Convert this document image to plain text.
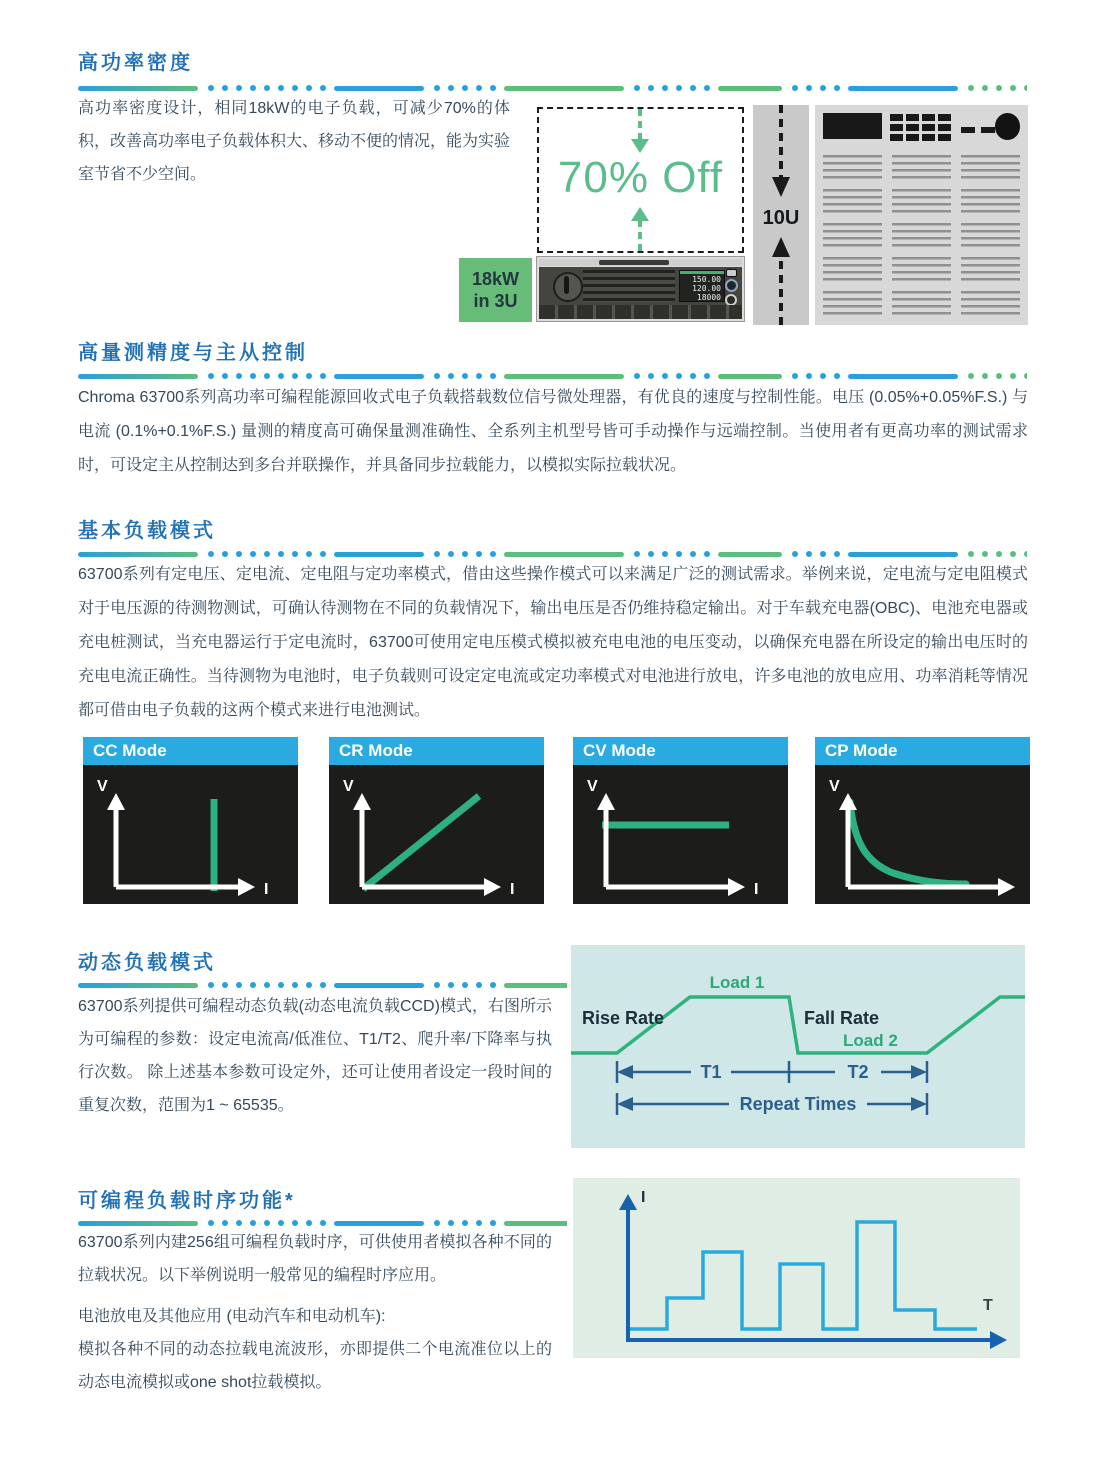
高功率密度

高功率密度设计，相同18kW的电子负载，可减少70%的体积，改善高功率电子负载体积大、移动不便的情况，能为实验室节省不少空间。	70% Off
18kW
in 3U
150.00
120.00
18000
10U
高量测精度与主从控制

Chroma 63700系列高功率可编程能源回收式电子负载搭载数位信号微处理器，有优良的速度与控制性能。电压 (0.05%+0.05%F.S.) 与电流 (0.1%+0.1%F.S.) 量测的精度高可确保量测准确性、全系列主机型号皆可手动操作与远端控制。当使用者有更高功率的测试需求时，可设定主从控制达到多台并联操作，并具备同步拉载能力，以模拟实际拉载状况。

基本负载模式

63700系列有定电压、定电流、定电阻与定功率模式，借由这些操作模式可以来满足广泛的测试需求。举例来说，定电流与定电阻模式对于电压源的待测物测试，可确认待测物在不同的负载情况下，输出电压是否仍维持稳定输出。对于车载充电器(OBC)、电池充电器或充电桩测试，当充电器运行于定电流时，63700可使用定电压模式模拟被充电电池的电压变动，以确保充电器在所设定的输出电压时的充电电流正确性。当待测物为电池时，电子负载则可设定定电流或定功率模式对电池进行放电，许多电池的放电应用、功率消耗等情况都可借由电子负载的这两个模式来进行电池测试。

CC Mode
V
I
CR Mode
V
I
CV Mode
V
I
CP Mode
V
动态负载模式

63700系列提供可编程动态负载(动态电流负载CCD)模式，右图所示为可编程的参数：设定电流高/低准位、T1/T2、爬升率/下降率与执行次数。 除上述基本参数可设定外，还可让使用者设定一段时间的重复次数，范围为1 ~ 65535。

Load 1
Rise Rate	Fall Rate
Load 2
T1	T2
Repeat Times
可编程负载时序功能*

63700系列内建256组可编程负载时序，可供使用者模拟各种不同的拉载状况。以下举例说明一般常见的编程时序应用。

电池放电及其他应用 (电动汽车和电动机车):

模拟各种不同的动态拉载电流波形，亦即提供二个电流准位以上的动态电流模拟或one shot拉载模拟。

I
T
